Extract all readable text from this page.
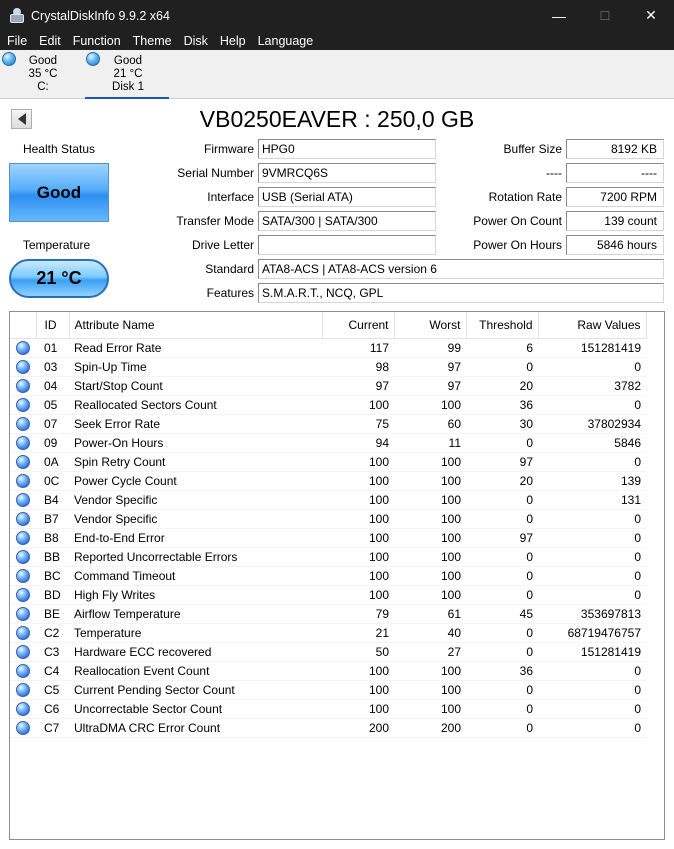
CrystalDiskInfo 9.9.2 x64	—	☐	✕
File Edit Function Theme Disk Help Language
Good
35 °C
C:
Good
21 °C
Disk 1
VB0250EAVER : 250,0 GB
Health Status
Good
Temperature
21 °C
Firmware HPG0
Serial Number 9VMRCQ6S
Interface USB (Serial ATA)
Transfer Mode SATA/300 | SATA/300
Drive Letter
Standard ATA8-ACS | ATA8-ACS version 6
Features S.M.A.R.T., NCQ, GPL
Buffer Size	8192 KB
----	----
Rotation Rate	7200 RPM
Power On Count	139 count
Power On Hours	5846 hours
	ID	Attribute Name	Current	Worst	Threshold	Raw Values
	01	Read Error Rate	117	99	6	151281419
	03	Spin-Up Time	98	97	0	0
	04	Start/Stop Count	97	97	20	3782
	05	Reallocated Sectors Count	100	100	36	0
	07	Seek Error Rate	75	60	30	37802934
	09	Power-On Hours	94	11	0	5846
	0A	Spin Retry Count	100	100	97	0
	0C	Power Cycle Count	100	100	20	139
	B4	Vendor Specific	100	100	0	131
	B7	Vendor Specific	100	100	0	0
	B8	End-to-End Error	100	100	97	0
	BB	Reported Uncorrectable Errors	100	100	0	0
	BC	Command Timeout	100	100	0	0
	BD	High Fly Writes	100	100	0	0
	BE	Airflow Temperature	79	61	45	353697813
	C2	Temperature	21	40	0	68719476757
	C3	Hardware ECC recovered	50	27	0	151281419
	C4	Reallocation Event Count	100	100	36	0
	C5	Current Pending Sector Count	100	100	0	0
	C6	Uncorrectable Sector Count	100	100	0	0
	C7	UltraDMA CRC Error Count	200	200	0	0
